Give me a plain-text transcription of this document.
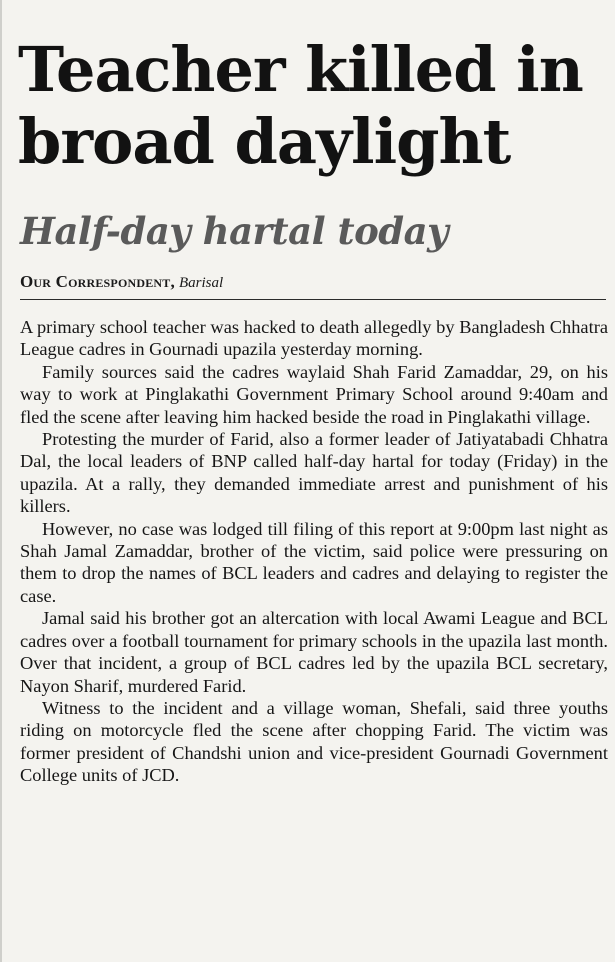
Teacher killed in broad daylight
Half-day hartal today
Our Correspondent, Barisal

A primary school teacher was hacked to death allegedly by Bangladesh Chhatra League cadres in Gournadi upazila yesterday morning.

Family sources said the cadres waylaid Shah Farid Zamaddar, 29, on his way to work at Pinglakathi Government Primary School around 9:40am and fled the scene after leaving him hacked beside the road in Pinglakathi village.

Protesting the murder of Farid, also a former leader of Jatiyatabadi Chhatra Dal, the local leaders of BNP called half-day hartal for today (Friday) in the upazila. At a rally, they demanded immediate arrest and punishment of his killers.

However, no case was lodged till filing of this report at 9:00pm last night as Shah Jamal Zamaddar, brother of the victim, said police were pressuring on them to drop the names of BCL leaders and cadres and delaying to register the case.

Jamal said his brother got an altercation with local Awami League and BCL cadres over a football tournament for primary schools in the upazila last month. Over that incident, a group of BCL cadres led by the upazila BCL secretary, Nayon Sharif, murdered Farid.

Witness to the incident and a village woman, Shefali, said three youths riding on motorcycle fled the scene after chopping Farid. The victim was former president of Chandshi union and vice-president Gournadi Government College units of JCD.
